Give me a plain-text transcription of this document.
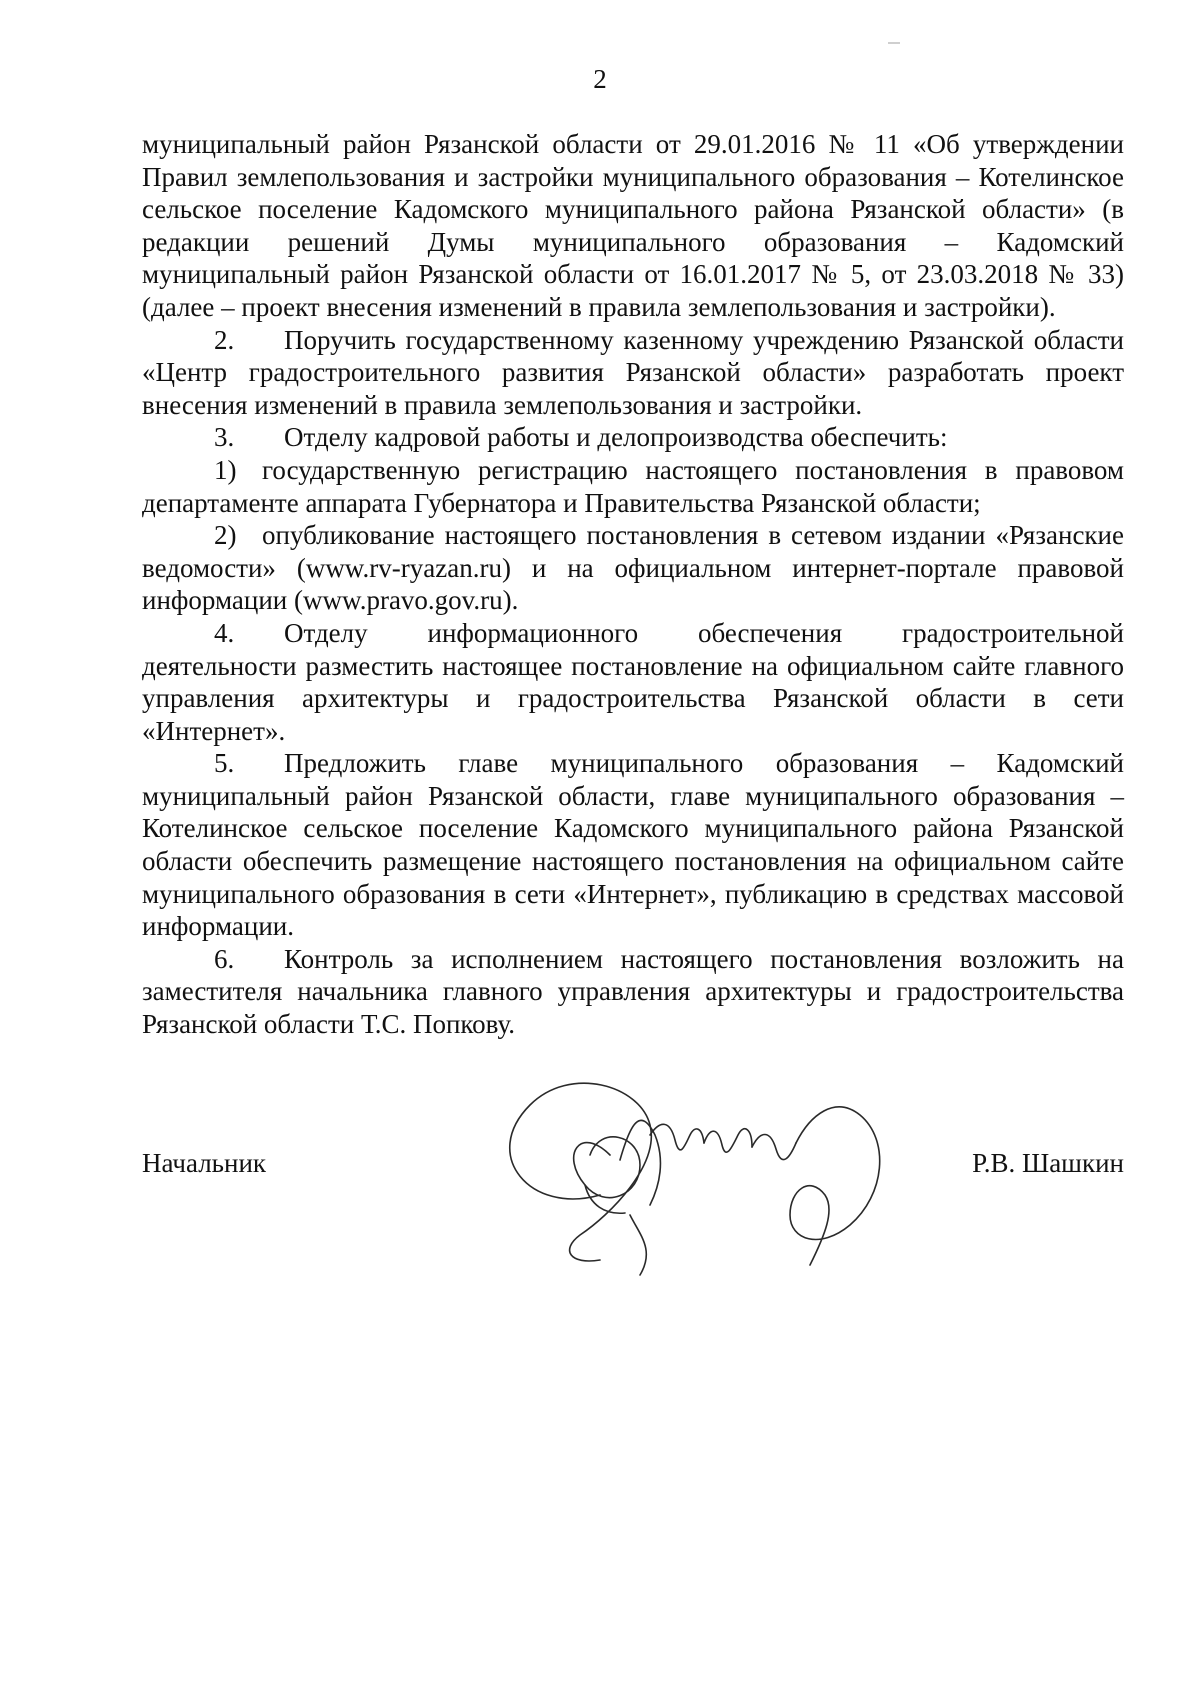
2

муниципальный район Рязанской области от 29.01.2016 № 11 «Об утверждении Правил землепользования и застройки муниципального образования – Котелинское сельское поселение Кадомского муниципального района Рязанской области» (в редакции решений Думы муниципального образования – Кадомский муниципальный район Рязанской области от 16.01.2017 № 5, от 23.03.2018 № 33) (далее – проект внесения изменений в правила землепользования и застройки).

2. Поручить государственному казенному учреждению Рязанской области «Центр градостроительного развития Рязанской области» разработать проект внесения изменений в правила землепользования и застройки.

3. Отделу кадровой работы и делопроизводства обеспечить:

1) государственную регистрацию настоящего постановления в правовом департаменте аппарата Губернатора и Правительства Рязанской области;

2) опубликование настоящего постановления в сетевом издании «Рязанские ведомости» (www.rv-ryazan.ru) и на официальном интернет-портале правовой информации (www.pravo.gov.ru).

4. Отделу информационного обеспечения градостроительной деятельности разместить настоящее постановление на официальном сайте главного управления архитектуры и градостроительства Рязанской области в сети «Интернет».

5. Предложить главе муниципального образования – Кадомский муниципальный район Рязанской области, главе муниципального образования – Котелинское сельское поселение Кадомского муниципального района Рязанской области обеспечить размещение настоящего постановления на официальном сайте муниципального образования в сети «Интернет», публикацию в средствах массовой информации.

6. Контроль за исполнением настоящего постановления возложить на заместителя начальника главного управления архитектуры и градостроительства Рязанской области Т.С. Попкову.

Начальник	Р.В. Шашкин
